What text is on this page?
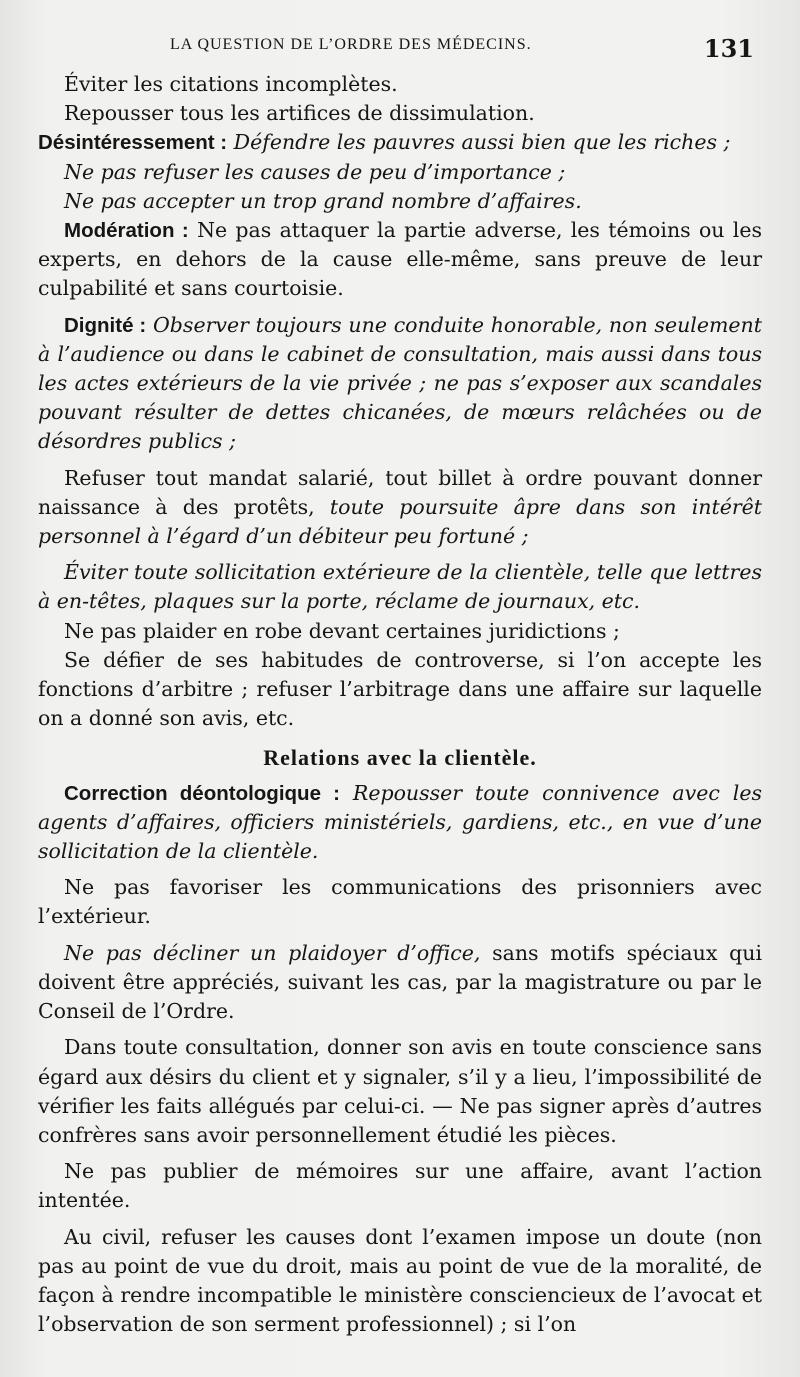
LA QUESTION DE L’ORDRE DES MÉDECINS.	131

Éviter les citations incomplètes.

Repousser tous les artifices de dissimulation.

Désintéressement : Défendre les pauvres aussi bien que les riches ;

Ne pas refuser les causes de peu d’importance ;

Ne pas accepter un trop grand nombre d’affaires.

Modération : Ne pas attaquer la partie adverse, les témoins ou les experts, en dehors de la cause elle-même, sans preuve de leur culpabilité et sans courtoisie.

Dignité : Observer toujours une conduite honorable, non seulement à l’audience ou dans le cabinet de consultation, mais aussi dans tous les actes extérieurs de la vie privée ; ne pas s’exposer aux scandales pouvant résulter de dettes chicanées, de mœurs relâchées ou de désordres publics ;

Refuser tout mandat salarié, tout billet à ordre pouvant donner naissance à des protêts, toute poursuite âpre dans son intérêt personnel à l’égard d’un débiteur peu fortuné ;

Éviter toute sollicitation extérieure de la clientèle, telle que lettres à en-têtes, plaques sur la porte, réclame de journaux, etc.

Ne pas plaider en robe devant certaines juridictions ;

Se défier de ses habitudes de controverse, si l’on accepte les fonctions d’arbitre ; refuser l’arbitrage dans une affaire sur laquelle on a donné son avis, etc.

Relations avec la clientèle.

Correction déontologique : Repousser toute connivence avec les agents d’affaires, officiers ministériels, gardiens, etc., en vue d’une sollicitation de la clientèle.

Ne pas favoriser les communications des prisonniers avec l’extérieur.

Ne pas décliner un plaidoyer d’office, sans motifs spéciaux qui doivent être appréciés, suivant les cas, par la magistrature ou par le Conseil de l’Ordre.

Dans toute consultation, donner son avis en toute conscience sans égard aux désirs du client et y signaler, s’il y a lieu, l’impossibilité de vérifier les faits allégués par celui-ci. — Ne pas signer après d’autres confrères sans avoir personnellement étudié les pièces.

Ne pas publier de mémoires sur une affaire, avant l’action intentée.

Au civil, refuser les causes dont l’examen impose un doute (non pas au point de vue du droit, mais au point de vue de la moralité, de façon à rendre incompatible le ministère consciencieux de l’avocat et l’observation de son serment professionnel) ; si l’on
